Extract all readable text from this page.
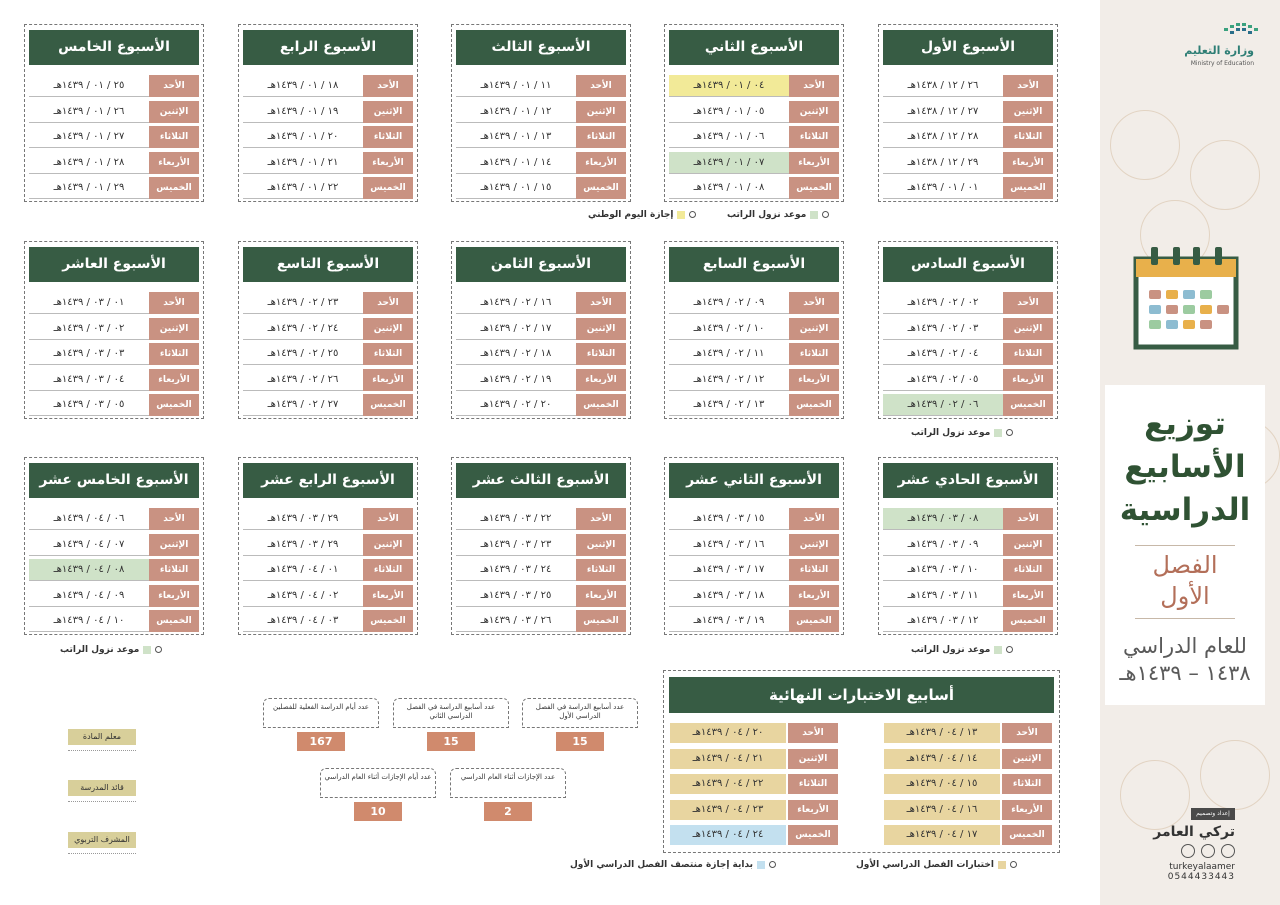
وزارة التعليم
Ministry of Education
توزيع
الأسابيع
الدراسية
الفصل
الأول
للعام الدراسي
١٤٣٨ – ١٤٣٩هـ
إعداد وتصميم
تركي العامر
turkeyalaamer
0544433443
الأسبوع الأول
٢٦ / ١٢ / ١٤٣٨هـ	الأحد
٢٧ / ١٢ / ١٤٣٨هـ	الإثنين
٢٨ / ١٢ / ١٤٣٨هـ	الثلاثاء
٢٩ / ١٢ / ١٤٣٨هـ	الأربعاء
٠١ / ٠١ / ١٤٣٩هـ	الخميس
الأسبوع الثاني
٠٤ / ٠١ / ١٤٣٩هـ	الأحد
٠٥ / ٠١ / ١٤٣٩هـ	الإثنين
٠٦ / ٠١ / ١٤٣٩هـ	الثلاثاء
٠٧ / ٠١ / ١٤٣٩هـ	الأربعاء
٠٨ / ٠١ / ١٤٣٩هـ	الخميس
الأسبوع الثالث
١١ / ٠١ / ١٤٣٩هـ	الأحد
١٢ / ٠١ / ١٤٣٩هـ	الإثنين
١٣ / ٠١ / ١٤٣٩هـ	الثلاثاء
١٤ / ٠١ / ١٤٣٩هـ	الأربعاء
١٥ / ٠١ / ١٤٣٩هـ	الخميس
الأسبوع الرابع
١٨ / ٠١ / ١٤٣٩هـ	الأحد
١٩ / ٠١ / ١٤٣٩هـ	الإثنين
٢٠ / ٠١ / ١٤٣٩هـ	الثلاثاء
٢١ / ٠١ / ١٤٣٩هـ	الأربعاء
٢٢ / ٠١ / ١٤٣٩هـ	الخميس
الأسبوع الخامس
٢٥ / ٠١ / ١٤٣٩هـ	الأحد
٢٦ / ٠١ / ١٤٣٩هـ	الإثنين
٢٧ / ٠١ / ١٤٣٩هـ	الثلاثاء
٢٨ / ٠١ / ١٤٣٩هـ	الأربعاء
٢٩ / ٠١ / ١٤٣٩هـ	الخميس
الأسبوع السادس
٠٢ / ٠٢ / ١٤٣٩هـ	الأحد
٠٣ / ٠٢ / ١٤٣٩هـ	الإثنين
٠٤ / ٠٢ / ١٤٣٩هـ	الثلاثاء
٠٥ / ٠٢ / ١٤٣٩هـ	الأربعاء
٠٦ / ٠٢ / ١٤٣٩هـ	الخميس
الأسبوع السابع
٠٩ / ٠٢ / ١٤٣٩هـ	الأحد
١٠ / ٠٢ / ١٤٣٩هـ	الإثنين
١١ / ٠٢ / ١٤٣٩هـ	الثلاثاء
١٢ / ٠٢ / ١٤٣٩هـ	الأربعاء
١٣ / ٠٢ / ١٤٣٩هـ	الخميس
الأسبوع الثامن
١٦ / ٠٢ / ١٤٣٩هـ	الأحد
١٧ / ٠٢ / ١٤٣٩هـ	الإثنين
١٨ / ٠٢ / ١٤٣٩هـ	الثلاثاء
١٩ / ٠٢ / ١٤٣٩هـ	الأربعاء
٢٠ / ٠٢ / ١٤٣٩هـ	الخميس
الأسبوع التاسع
٢٣ / ٠٢ / ١٤٣٩هـ	الأحد
٢٤ / ٠٢ / ١٤٣٩هـ	الإثنين
٢٥ / ٠٢ / ١٤٣٩هـ	الثلاثاء
٢٦ / ٠٢ / ١٤٣٩هـ	الأربعاء
٢٧ / ٠٢ / ١٤٣٩هـ	الخميس
الأسبوع العاشر
٠١ / ٠٣ / ١٤٣٩هـ	الأحد
٠٢ / ٠٣ / ١٤٣٩هـ	الإثنين
٠٣ / ٠٣ / ١٤٣٩هـ	الثلاثاء
٠٤ / ٠٣ / ١٤٣٩هـ	الأربعاء
٠٥ / ٠٣ / ١٤٣٩هـ	الخميس
الأسبوع الحادي عشر
٠٨ / ٠٣ / ١٤٣٩هـ	الأحد
٠٩ / ٠٣ / ١٤٣٩هـ	الإثنين
١٠ / ٠٣ / ١٤٣٩هـ	الثلاثاء
١١ / ٠٣ / ١٤٣٩هـ	الأربعاء
١٢ / ٠٣ / ١٤٣٩هـ	الخميس
الأسبوع الثاني عشر
١٥ / ٠٣ / ١٤٣٩هـ	الأحد
١٦ / ٠٣ / ١٤٣٩هـ	الإثنين
١٧ / ٠٣ / ١٤٣٩هـ	الثلاثاء
١٨ / ٠٣ / ١٤٣٩هـ	الأربعاء
١٩ / ٠٣ / ١٤٣٩هـ	الخميس
الأسبوع الثالث عشر
٢٢ / ٠٣ / ١٤٣٩هـ	الأحد
٢٣ / ٠٣ / ١٤٣٩هـ	الإثنين
٢٤ / ٠٣ / ١٤٣٩هـ	الثلاثاء
٢٥ / ٠٣ / ١٤٣٩هـ	الأربعاء
٢٦ / ٠٣ / ١٤٣٩هـ	الخميس
الأسبوع الرابع عشر
٢٩ / ٠٣ / ١٤٣٩هـ	الأحد
٢٩ / ٠٣ / ١٤٣٩هـ	الإثنين
٠١ / ٠٤ / ١٤٣٩هـ	الثلاثاء
٠٢ / ٠٤ / ١٤٣٩هـ	الأربعاء
٠٣ / ٠٤ / ١٤٣٩هـ	الخميس
الأسبوع الخامس عشر
٠٦ / ٠٤ / ١٤٣٩هـ	الأحد
٠٧ / ٠٤ / ١٤٣٩هـ	الإثنين
٠٨ / ٠٤ / ١٤٣٩هـ	الثلاثاء
٠٩ / ٠٤ / ١٤٣٩هـ	الأربعاء
١٠ / ٠٤ / ١٤٣٩هـ	الخميس
موعد نزول الراتب
إجازة اليوم الوطني
موعد نزول الراتب
موعد نزول الراتب
موعد نزول الراتب
أسابيع الاختبارات النهائية
١٣ / ٠٤ / ١٤٣٩هـ	الأحد
٢٠ / ٠٤ / ١٤٣٩هـ	الأحد
١٤ / ٠٤ / ١٤٣٩هـ	الإثنين
٢١ / ٠٤ / ١٤٣٩هـ	الإثنين
١٥ / ٠٤ / ١٤٣٩هـ	الثلاثاء
٢٢ / ٠٤ / ١٤٣٩هـ	الثلاثاء
١٦ / ٠٤ / ١٤٣٩هـ	الأربعاء
٢٣ / ٠٤ / ١٤٣٩هـ	الأربعاء
١٧ / ٠٤ / ١٤٣٩هـ	الخميس
٢٤ / ٠٤ / ١٤٣٩هـ	الخميس
اختبارات الفصل الدراسي الأول
بداية إجازة منتصف الفصل الدراسي الأول
عدد أسابيع الدراسة في الفصل الدراسي الأول
15
عدد أسابيع الدراسة في الفصل الدراسي الثاني
15
عدد أيام الدراسة الفعلية للفصلين
167
عدد الإجازات أثناء العام الدراسي
2
عدد أيام الإجازات أثناء العام الدراسي
10
معلم المادة
قائد المدرسة
المشرف التربوي
